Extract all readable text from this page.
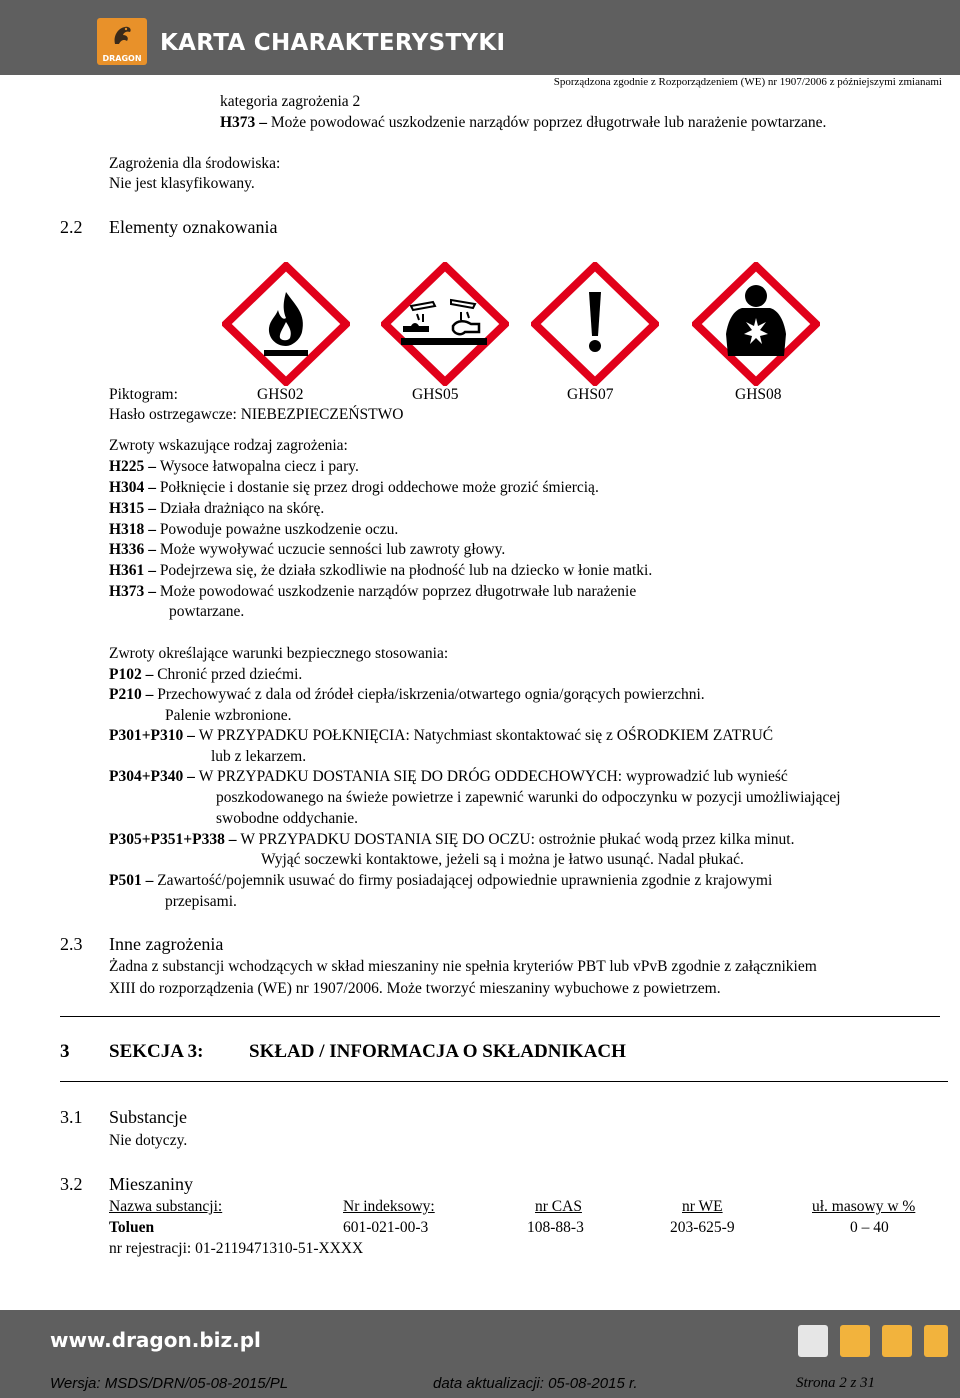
DRAGON
KARTA CHARAKTERYSTYKI
Sporządzona zgodnie z Rozporządzeniem (WE) nr 1907/2006 z późniejszymi zmianami
kategoria zagrożenia 2
H373 – Może powodować uszkodzenie narządów poprzez długotrwałe lub narażenie powtarzane.
Zagrożenia dla środowiska:
Nie jest klasyfikowany.
2.2 Elementy oznakowania
Piktogram:	GHS02	GHS05	GHS07	GHS08
Hasło ostrzegawcze: NIEBEZPIECZEŃSTWO
Zwroty wskazujące rodzaj zagrożenia:
H225 – Wysoce łatwopalna ciecz i pary.
H304 – Połknięcie i dostanie się przez drogi oddechowe może grozić śmiercią.
H315 – Działa drażniąco na skórę.
H318 – Powoduje poważne uszkodzenie oczu.
H336 – Może wywoływać uczucie senności lub zawroty głowy.
H361 – Podejrzewa się, że działa szkodliwie na płodność lub na dziecko w łonie matki.
H373 – Może powodować uszkodzenie narządów poprzez długotrwałe lub narażenie
powtarzane.
Zwroty określające warunki bezpiecznego stosowania:
P102 – Chronić przed dziećmi.
P210 – Przechowywać z dala od źródeł ciepła/iskrzenia/otwartego ognia/gorących powierzchni.
Palenie wzbronione.
P301+P310 – W PRZYPADKU POŁKNIĘCIA: Natychmiast skontaktować się z OŚRODKIEM ZATRUĆ
lub z lekarzem.
P304+P340 – W PRZYPADKU DOSTANIA SIĘ DO DRÓG ODDECHOWYCH: wyprowadzić lub wynieść
poszkodowanego na świeże powietrze i zapewnić warunki do odpoczynku w pozycji umożliwiającej
swobodne oddychanie.
P305+P351+P338 – W PRZYPADKU DOSTANIA SIĘ DO OCZU: ostrożnie płukać wodą przez kilka minut.
Wyjąć soczewki kontaktowe, jeżeli są i można je łatwo usunąć. Nadal płukać.
P501 – Zawartość/pojemnik usuwać do firmy posiadającej odpowiednie uprawnienia zgodnie z krajowymi
przepisami.
2.3 Inne zagrożenia
Żadna z substancji wchodzących w skład mieszaniny nie spełnia kryteriów PBT lub vPvB zgodnie z załącznikiem
XIII do rozporządzenia (WE) nr 1907/2006. Może tworzyć mieszaniny wybuchowe z powietrzem.
3 SEKCJA 3: SKŁAD / INFORMACJA O SKŁADNIKACH
3.1 Substancje
Nie dotyczy.
3.2 Mieszaniny
Nazwa substancji:	Nr indeksowy:	nr CAS	nr WE	uł. masowy w %
Toluen	601-021-00-3	108-88-3	203-625-9	0 – 40
nr rejestracji: 01-2119471310-51-XXXX
www.dragon.biz.pl
Wersja: MSDS/DRN/05-08-2015/PL	data aktualizacji: 05-08-2015 r.	Strona 2 z 31
